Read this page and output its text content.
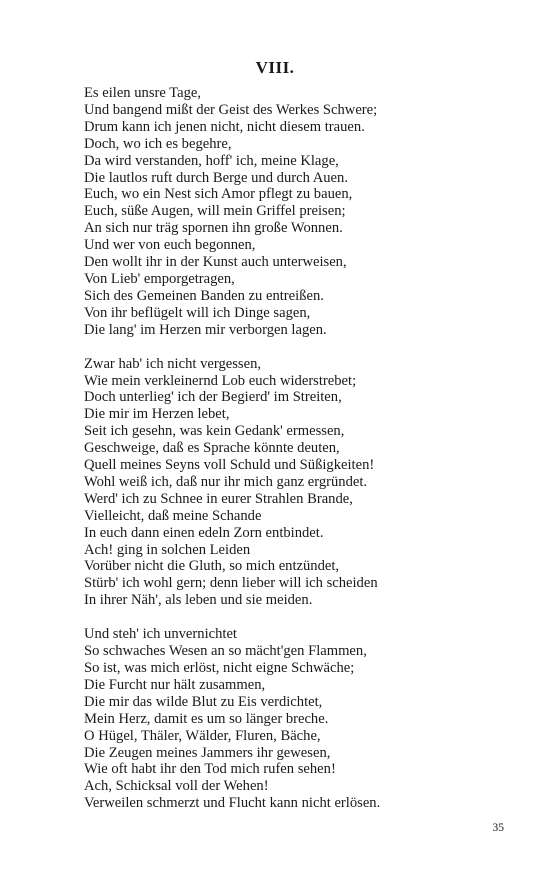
VIII.
Es eilen unsre Tage,
Und bangend mißt der Geist des Werkes Schwere;
Drum kann ich jenen nicht, nicht diesem trauen.
Doch, wo ich es begehre,
Da wird verstanden, hoff' ich, meine Klage,
Die lautlos ruft durch Berge und durch Auen.
Euch, wo ein Nest sich Amor pflegt zu bauen,
Euch, süße Augen, will mein Griffel preisen;
An sich nur träg spornen ihn große Wonnen.
Und wer von euch begonnen,
Den wollt ihr in der Kunst auch unterweisen,
Von Lieb' emporgetragen,
Sich des Gemeinen Banden zu entreißen.
Von ihr beflügelt will ich Dinge sagen,
Die lang' im Herzen mir verborgen lagen.
Zwar hab' ich nicht vergessen,
Wie mein verkleinernd Lob euch widerstrebet;
Doch unterlieg' ich der Begierd' im Streiten,
Die mir im Herzen lebet,
Seit ich gesehn, was kein Gedank' ermessen,
Geschweige, daß es Sprache könnte deuten,
Quell meines Seyns voll Schuld und Süßigkeiten!
Wohl weiß ich, daß nur ihr mich ganz ergründet.
Werd' ich zu Schnee in eurer Strahlen Brande,
Vielleicht, daß meine Schande
In euch dann einen edeln Zorn entbindet.
Ach! ging in solchen Leiden
Vorüber nicht die Gluth, so mich entzündet,
Stürb' ich wohl gern; denn lieber will ich scheiden
In ihrer Näh', als leben und sie meiden.
Und steh' ich unvernichtet
So schwaches Wesen an so mächt'gen Flammen,
So ist, was mich erlöst, nicht eigne Schwäche;
Die Furcht nur hält zusammen,
Die mir das wilde Blut zu Eis verdichtet,
Mein Herz, damit es um so länger breche.
O Hügel, Thäler, Wälder, Fluren, Bäche,
Die Zeugen meines Jammers ihr gewesen,
Wie oft habt ihr den Tod mich rufen sehen!
Ach, Schicksal voll der Wehen!
Verweilen schmerzt und Flucht kann nicht erlösen.
35
